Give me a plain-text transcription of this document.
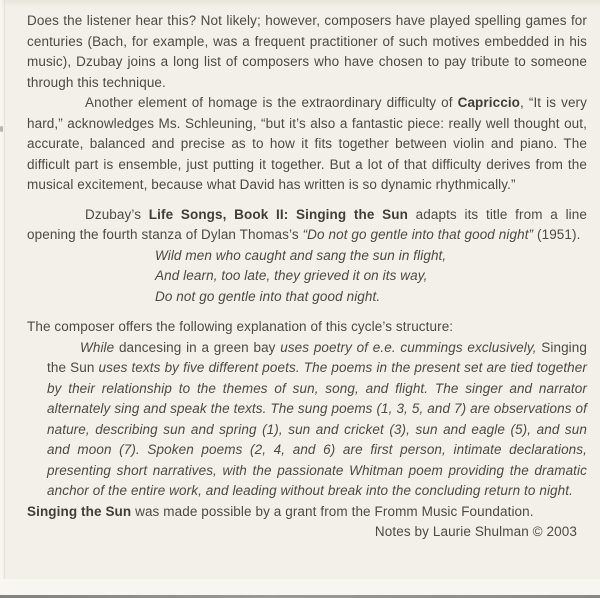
Does the listener hear this? Not likely; however, composers have played spelling games for centuries (Bach, for example, was a frequent practitioner of such motives embedded in his music), Dzubay joins a long list of composers who have chosen to pay tribute to someone through this technique.

Another element of homage is the extraordinary difficulty of Capriccio, “It is very hard,” acknowledges Ms. Schleuning, “but it’s also a fantastic piece: really well thought out, accurate, balanced and precise as to how it fits together between violin and piano. The difficult part is ensemble, just putting it together. But a lot of that difficulty derives from the musical excitement, because what David has written is so dynamic rhythmically.”

Dzubay’s Life Songs, Book II: Singing the Sun adapts its title from a line opening the fourth stanza of Dylan Thomas’s “Do not go gentle into that good night” (1951).

Wild men who caught and sang the sun in flight,

And learn, too late, they grieved it on its way,

Do not go gentle into that good night.

The composer offers the following explanation of this cycle’s structure:

While dancesing in a green bay uses poetry of e.e. cummings exclusively, Singing the Sun uses texts by five different poets. The poems in the present set are tied together by their relationship to the themes of sun, song, and flight. The singer and narrator alternately sing and speak the texts. The sung poems (1, 3, 5, and 7) are observations of nature, describing sun and spring (1), sun and cricket (3), sun and eagle (5), and sun and moon (7). Spoken poems (2, 4, and 6) are first person, intimate declarations, presenting short narratives, with the passionate Whitman poem providing the dramatic anchor of the entire work, and leading without break into the concluding return to night.

Singing the Sun was made possible by a grant from the Fromm Music Foundation.

Notes by Laurie Shulman © 2003
